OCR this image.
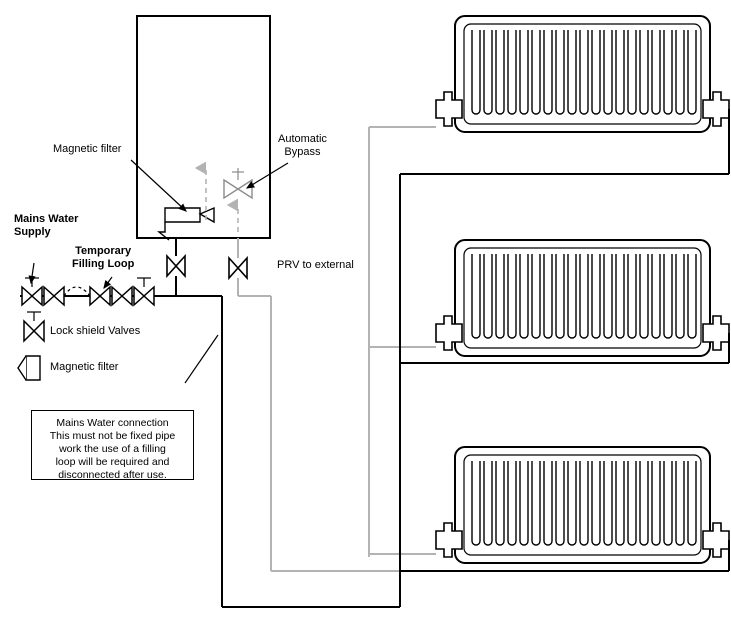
Magnetic filter
Automatic
Bypass
Mains Water
Supply
Temporary
Filling Loop	PRV to external
Lock shield Valves
Magnetic filter
Mains Water connection
This must not be fixed pipe
work the use of a filling
loop will be required and
disconnected after use.
